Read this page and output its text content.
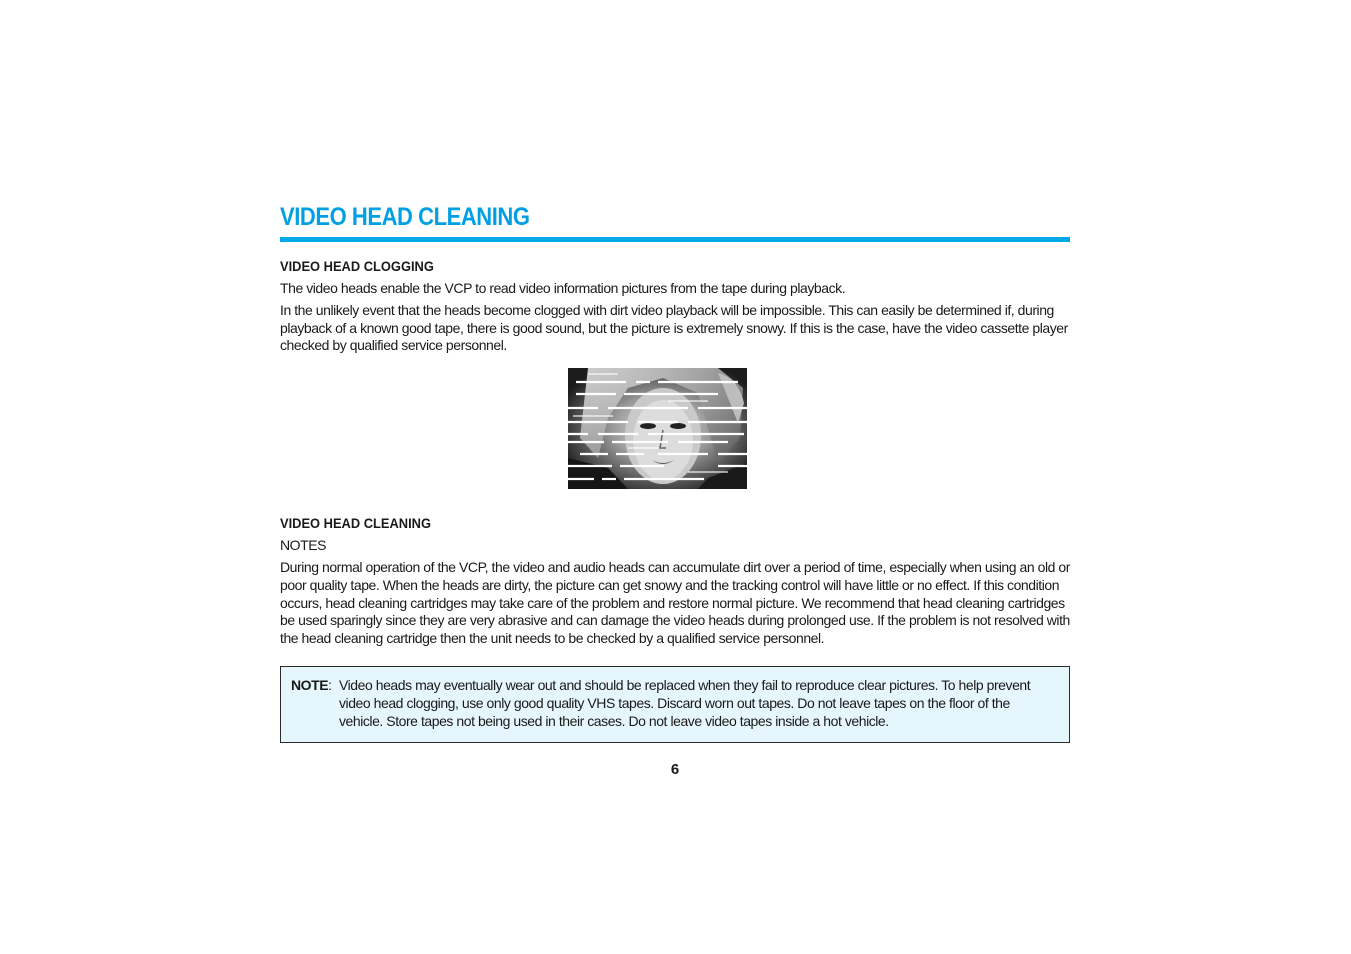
VIDEO HEAD CLEANING
VIDEO HEAD CLOGGING

The video heads enable the VCP to read video information pictures from the tape during playback.

In the unlikely event that the heads become clogged with dirt video playback will be impossible. This can easily be determined if, during playback of a known good tape, there is good sound, but the picture is extremely snowy. If this is the case, have the video cassette player checked by qualified service personnel.

VIDEO HEAD CLEANING

NOTES

During normal operation of the VCP, the video and audio heads can accumulate dirt over a period of time, especially when using an old or poor quality tape. When the heads are dirty, the picture can get snowy and the tracking control will have little or no effect. If this condition occurs, head cleaning cartridges may take care of the problem and restore normal picture. We recommend that head cleaning cartridges be used sparingly since they are very abrasive and can damage the video heads during prolonged use. If the problem is not resolved with the head cleaning cartridge then the unit needs to be checked by a qualified service personnel.

NOTE: Video heads may eventually wear out and should be replaced when they fail to reproduce clear pictures. To help prevent video head clogging, use only good quality VHS tapes. Discard worn out tapes. Do not leave tapes on the floor of the vehicle. Store tapes not being used in their cases. Do not leave video tapes inside a hot vehicle.
6
